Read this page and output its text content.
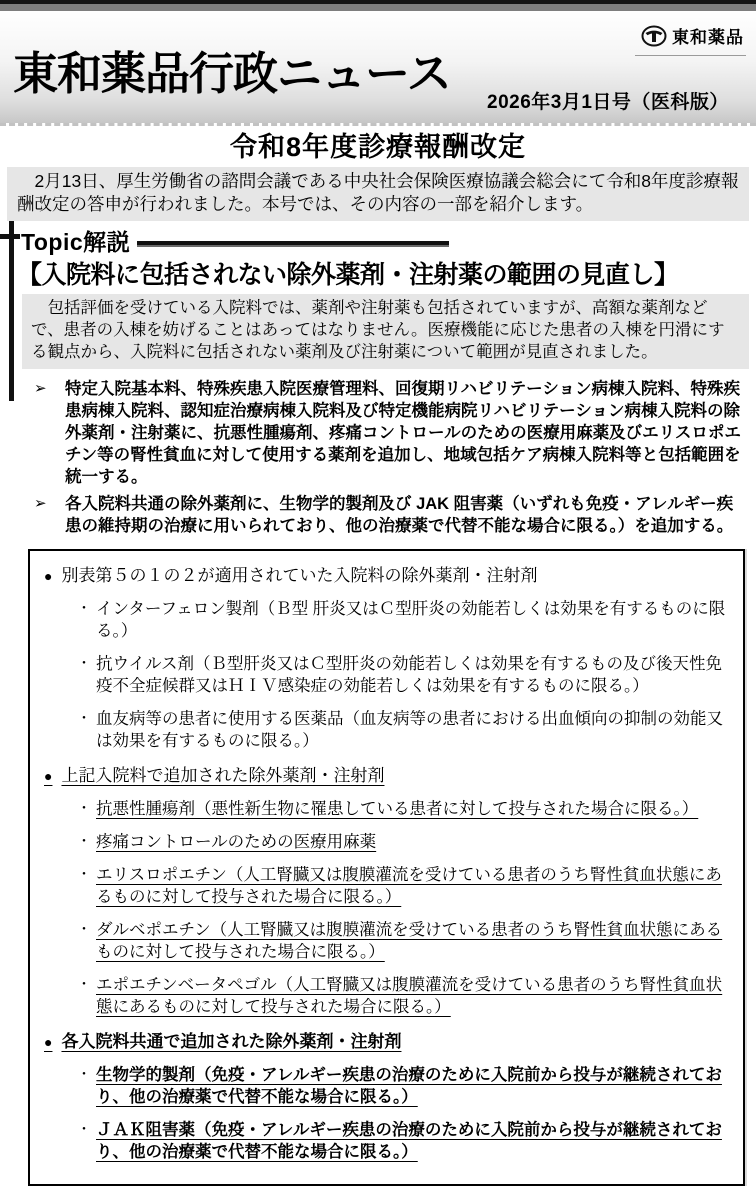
東和薬品
東和薬品行政ニュース
2026年3月1日号（医科版）
令和8年度診療報酬改定

2月13日、厚生労働省の諮問会議である中央社会保険医療協議会総会にて令和8年度診療報酬改定の答申が行われました。本号では、その内容の一部を紹介します。

Topic解説
【入院料に包括されない除外薬剤・注射薬の範囲の見直し】

包括評価を受けている入院料では、薬剤や注射薬も包括されていますが、高額な薬剤などで、患者の入棟を妨げることはあってはなりません。医療機能に応じた患者の入棟を円滑にする観点から、入院料に包括されない薬剤及び注射薬について範囲が見直されました。

➢ 特定入院基本料、特殊疾患入院医療管理料、回復期リハビリテーション病棟入院料、特殊疾患病棟入院料、認知症治療病棟入院料及び特定機能病院リハビリテーション病棟入院料の除外薬剤・注射薬に、抗悪性腫瘍剤、疼痛コントロールのための医療用麻薬及びエリスロポエチン等の腎性貧血に対して使用する薬剤を追加し、地域包括ケア病棟入院料等と包括範囲を統一する。
➢ 各入院料共通の除外薬剤に、生物学的製剤及び JAK 阻害薬（いずれも免疫・アレルギー疾患の維持期の治療に用いられており、他の治療薬で代替不能な場合に限る。）を追加する。
● 別表第５の１の２が適用されていた入院料の除外薬剤・注射剤
・ インターフェロン製剤（Ｂ型 肝炎又はＣ型肝炎の効能若しくは効果を有するものに限る。）
・ 抗ウイルス剤（Ｂ型肝炎又はＣ型肝炎の効能若しくは効果を有するもの及び後天性免疫不全症候群又はＨＩＶ感染症の効能若しくは効果を有するものに限る。）
・ 血友病等の患者に使用する医薬品（血友病等の患者における出血傾向の抑制の効能又は効果を有するものに限る。）
● 上記入院料で追加された除外薬剤・注射剤
・ 抗悪性腫瘍剤（悪性新生物に罹患している患者に対して投与された場合に限る。）
・ 疼痛コントロールのための医療用麻薬
・ エリスロポエチン（人工腎臓又は腹膜灌流を受けている患者のうち腎性貧血状態にあるものに対して投与された場合に限る。）
・ ダルベポエチン（人工腎臓又は腹膜灌流を受けている患者のうち腎性貧血状態にあるものに対して投与された場合に限る。）
・ エポエチンベータペゴル（人工腎臓又は腹膜灌流を受けている患者のうち腎性貧血状態にあるものに対して投与された場合に限る。）
● 各入院料共通で追加された除外薬剤・注射剤
・ 生物学的製剤（免疫・アレルギー疾患の治療のために入院前から投与が継続されており、他の治療薬で代替不能な場合に限る。）
・ ＪＡＫ阻害薬（免疫・アレルギー疾患の治療のために入院前から投与が継続されており、他の治療薬で代替不能な場合に限る。）
